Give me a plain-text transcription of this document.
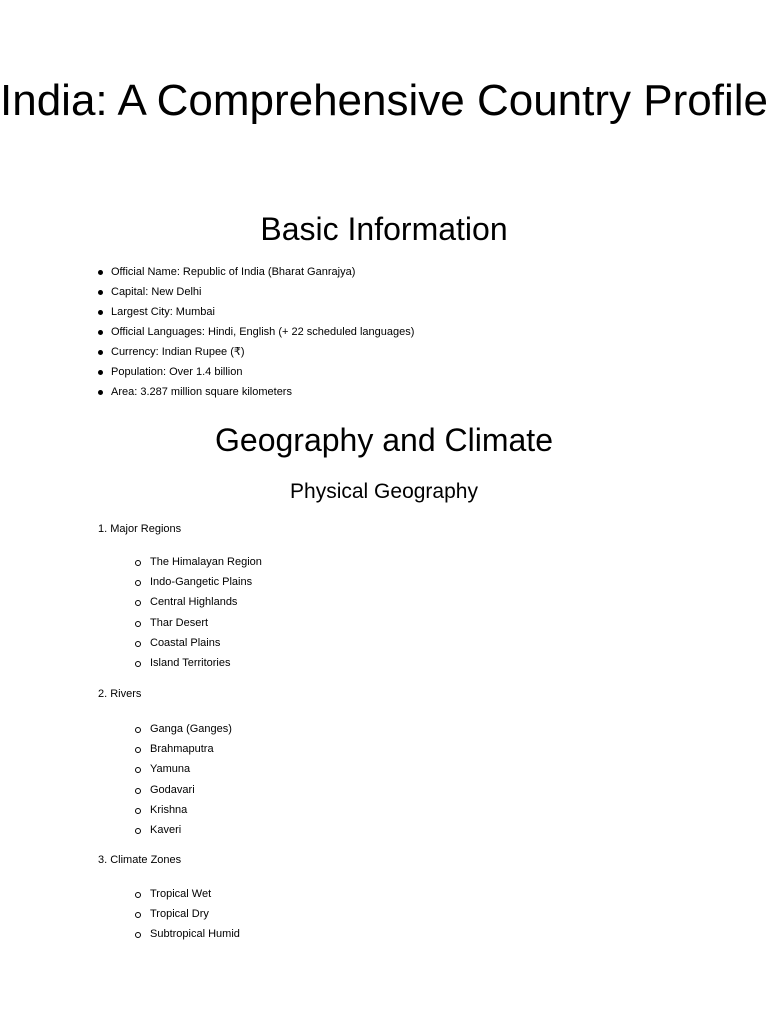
India: A Comprehensive Country Profile
Basic Information
Official Name: Republic of India (Bharat Ganrajya)
Capital: New Delhi
Largest City: Mumbai
Official Languages: Hindi, English (+ 22 scheduled languages)
Currency: Indian Rupee (₹)
Population: Over 1.4 billion
Area: 3.287 million square kilometers
Geography and Climate
Physical Geography
1. Major Regions
The Himalayan Region
Indo-Gangetic Plains
Central Highlands
Thar Desert
Coastal Plains
Island Territories
2. Rivers
Ganga (Ganges)
Brahmaputra
Yamuna
Godavari
Krishna
Kaveri
3. Climate Zones
Tropical Wet
Tropical Dry
Subtropical Humid
